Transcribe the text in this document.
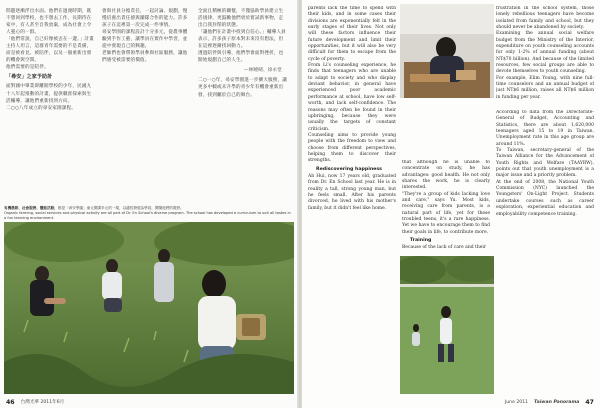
問題逐漸浮出水面。他們在過渡時期，既不想回到學校，也不想去工作，長期待在家中，有人甚至自我放棄，成為社會上令人憂心的一群。

「他們常說，自己好像被丟在一邊。」計畫主持人坦言，這群青年需要的不是責備，而是被看見、被陪伴，以及一個重新出發的機會與空間。

他們需要的是陪伴。

「尋安」之家予助計

面對國中畢業即離開學校的少年，民國九十八年起推動的計畫，提供職涯探索與生活輔導，讓他們重新找到方向。

二○○八年成立的尋安家園課程。

會與社員分擔責任，一起討論、規劃，慢慢培養出責任感與團隊合作的能力。許多孩子在這裡第一次完成一件事情。

尋安學園的課程設計十分多元，從農事體驗到手作工藝，讓學員在實作中學習，並從中發現自己的興趣。

老師們也會帶領學員參與社區服務，讓他們感受被需要的價值。

全面且積極的關懷，不僅協助學員建立生活規律，更鼓勵他們勇於嘗試新事物，走出自我封閉的狀態。

「讓他們在計畫中找到自信心。」輔導人員表示，許多孩子原本對未來沒有想法，但在這裡逐漸找回動力。

透過陪伴與引導，他們學會面對挫折，也開始規劃自己的人生。

—林曉晴、徐永堂

二○一○年，尋安學園進一步擴大服務，讓更多中輟或未升學的青少年有機會重新出發，找到屬於自己的舞台。

有機農耕、社會服務、體能活動，都是「尋安學園」東元開課多元的一環，以適性發展為學員，開闊他們的視野。
Organic farming, social services and physical activity are all part of Dr. En School's diverse program. The school has developed a curriculum to suit all tastes in a fun learning environment.
46 台灣光華 2011年6月

parents lack the time to spend with their kids, and in some cases their divisions are exponentially felt in the early stages of their lives. Not only will these factors influence their future development and limit their opportunities, but it will also be very difficult for them to escape from the cycle of poverty.

From Li's counseling experience, he finds that teenagers who are unable to adapt to society and who display deviant behavior, in general have experienced poor academic performance at school, have low self-worth, and lack self-confidence. The reasons may often be found in their upbringing, because they were usually the targets of constant criticism.

Counseling aims to provide young people with the freedom to view and choose from different perspectives, helping them to discover their strengths.

Rediscovering happiness

Ah Hui, now 17 years old, graduated from Dr. En School last year. He is in reality a tall, strong young man, but he feels small. After his parents divorced, he lived with his mother's family, but it didn't feel like home.

that although he is unable to concentrate on study, he has advantages: good health. He not only shares the work, he is clearly interested.

"They're a group of kids lacking love and care," says Yu. Most kids, receiving care from parents, is a natural part of life, yet for these troubled teens, it's a rare happiness. Yet we have to encourage them to find their goals in life, to contribute more.

Training

Because of the lack of care and their

frustration in the school system, those lonely rebellious teenagers have become isolated from family and school, but they should never be abandoned by society.

Examining the annual social welfare budget from the Ministry of the Interior, expenditure on youth counseling accounts for only 1-2% of annual funding (about NT$70 billion). And because of the limited resources, few social groups are able to devote themselves to youth counseling.

For example, Elim Young, with nine full-time counselors and an annual budget of just NT$6 million, raises all NT$6 million in funding per year.

According to data from the Directorate-General of Budget, Accounting and Statistics, there are about 1,620,000 teenagers aged 15 to 19 in Taiwan. Unemployment rate in this age group are around 11%.

To Taiwan, secretary-general of the Taiwan Alliance for the Advancement of Youth Rights and Welfare (TAAYRW), points out that youth unemployment is a major issue and a priority problem.

At the end of 2008, the National Youth Commission (NYC) launched the Youngsters' On-Light Project. Students undertake courses such as career exploration, experiential education and employability competence training.

June 2011 Taiwan Panorama 47
